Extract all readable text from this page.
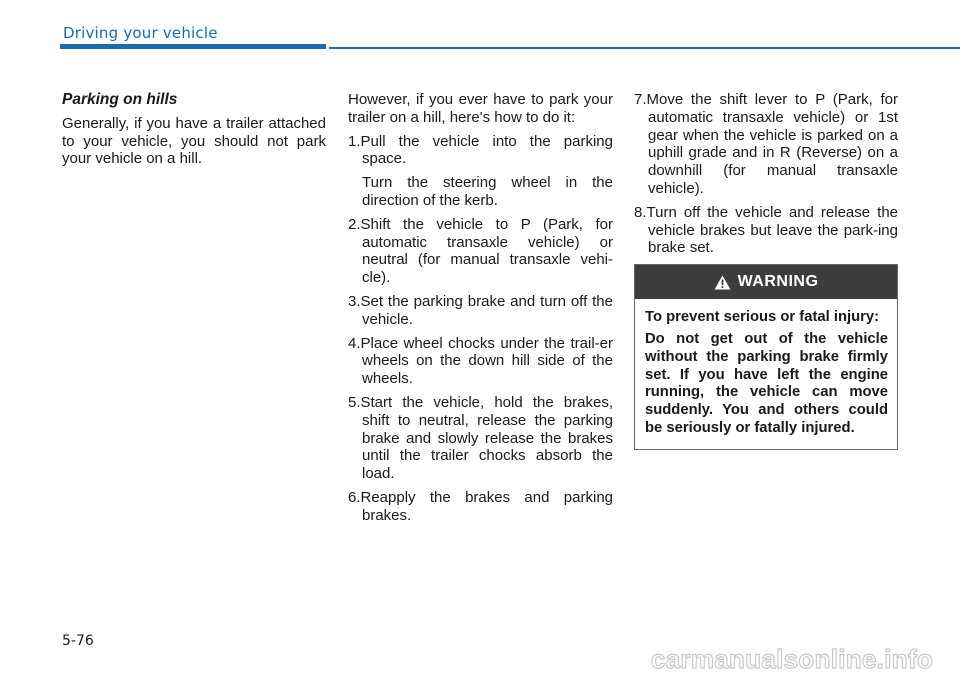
Driving your vehicle
Parking on hills

Generally, if you have a trailer attached to your vehicle, you should not park your vehicle on a hill.

However, if you ever have to park your trailer on a hill, here's how to do it:

1.Pull the vehicle into the parking space.

Turn the steering wheel in the direction of the kerb.

2.Shift the vehicle to P (Park, for automatic transaxle vehicle) or neutral (for manual transaxle vehi-cle).

3.Set the parking brake and turn off the vehicle.

4.Place wheel chocks under the trail-er wheels on the down hill side of the wheels.

5.Start the vehicle, hold the brakes, shift to neutral, release the parking brake and slowly release the brakes until the trailer chocks absorb the load.

6.Reapply the brakes and parking brakes.

7.Move the shift lever to P (Park, for automatic transaxle vehicle) or 1st gear when the vehicle is parked on a uphill grade and in R (Reverse) on a downhill (for manual transaxle vehicle).

8.Turn off the vehicle and release the vehicle brakes but leave the park-ing brake set.

WARNING

To prevent serious or fatal injury:

Do not get out of the vehicle without the parking brake firmly set. If you have left the engine running, the vehicle can move suddenly. You and others could be seriously or fatally injured.

5-76
carmanualsonline.info
